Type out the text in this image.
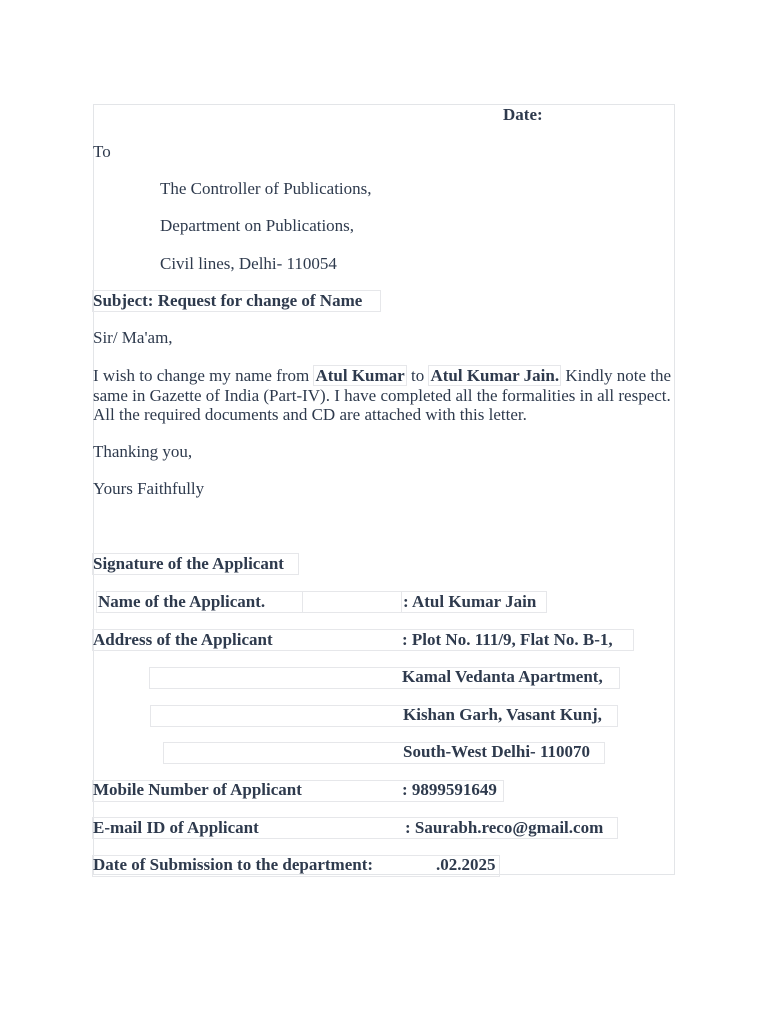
Date:
To
The Controller of Publications,
Department on Publications,
Civil lines, Delhi- 110054
Subject: Request for change of Name
Sir/ Ma'am,
I wish to change my name from Atul Kumar to Atul Kumar Jain. Kindly note the same in Gazette of India (Part-IV). I have completed all the formalities in all respect. All the required documents and CD are attached with this letter.
Thanking you,
Yours Faithfully
Signature of the Applicant
Name of the Applicant.	: Atul Kumar Jain
Address of the Applicant	: Plot No. 111/9, Flat No. B-1,
Kamal Vedanta Apartment,
Kishan Garh, Vasant Kunj,
South-West Delhi- 110070
Mobile Number of Applicant	: 9899591649
E-mail ID of Applicant	: Saurabh.reco@gmail.com
Date of Submission to the department:	.02.2025
